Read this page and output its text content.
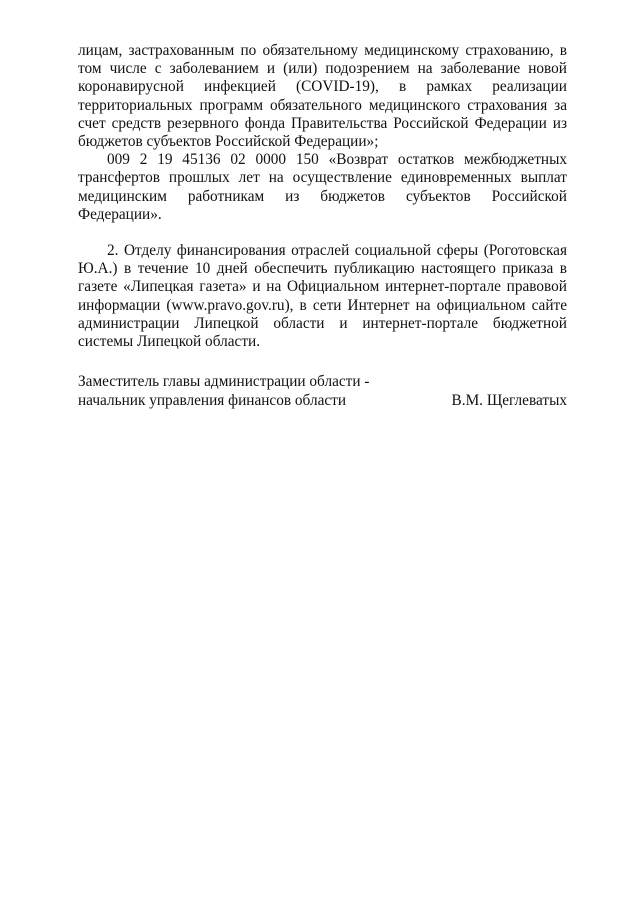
лицам, застрахованным по обязательному медицинскому страхованию, в том числе с заболеванием и (или) подозрением на заболевание новой коронавирусной инфекцией (COVID-19), в рамках реализации территориальных программ обязательного медицинского страхования за счет средств резервного фонда Правительства Российской Федерации из бюджетов субъектов Российской Федерации»;

009 2 19 45136 02 0000 150 «Возврат остатков межбюджетных трансфертов прошлых лет на осуществление единовременных выплат медицинским работникам из бюджетов субъектов Российской Федерации».

2. Отделу финансирования отраслей социальной сферы (Роготовская Ю.А.) в течение 10 дней обеспечить публикацию настоящего приказа в газете «Липецкая газета» и на Официальном интернет-портале правовой информации (www.pravo.gov.ru), в сети Интернет на официальном сайте администрации Липецкой области и интернет-портале бюджетной системы Липецкой области.

Заместитель главы администрации области -
начальник управления финансов области	В.М. Щеглеватых
